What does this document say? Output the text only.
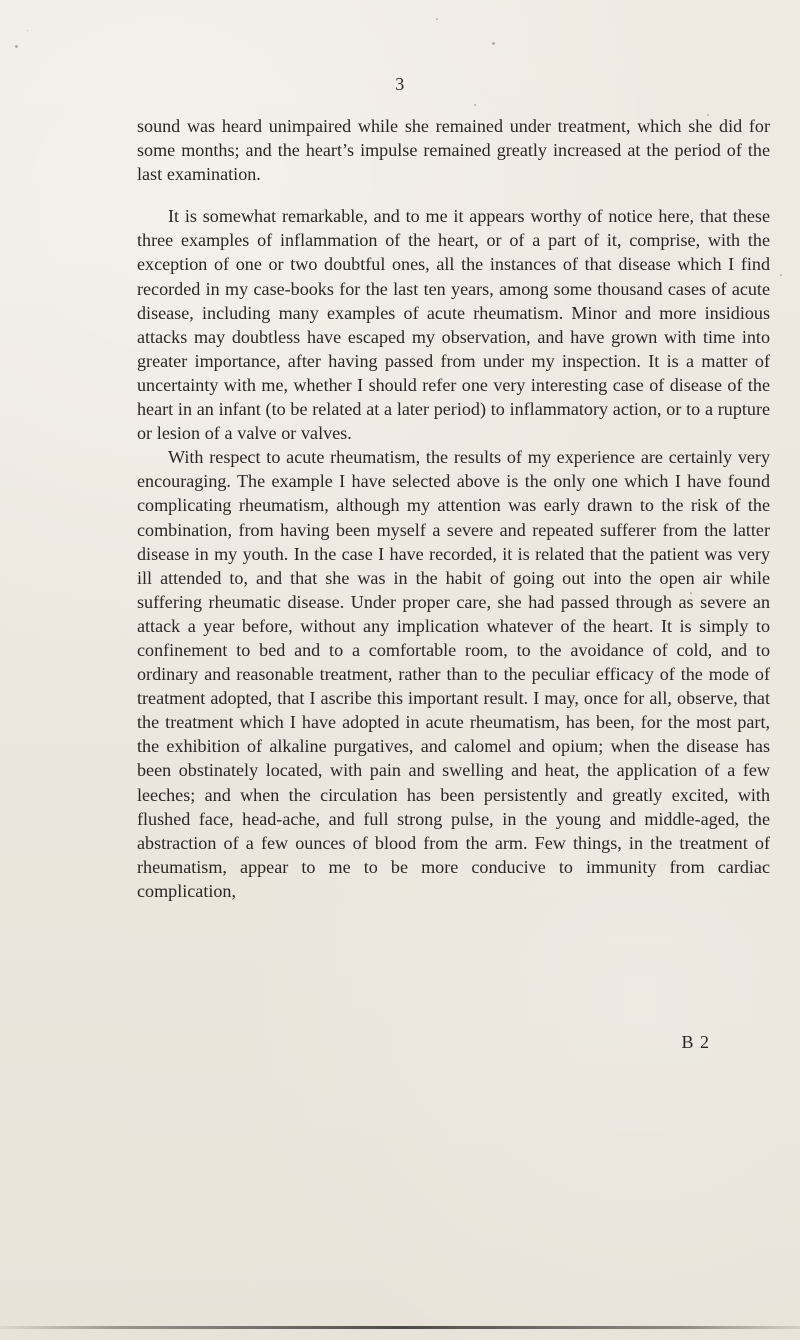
3

sound was heard unimpaired while she remained under treatment, which she did for some months; and the heart’s impulse remained greatly increased at the period of the last examination.

It is somewhat remarkable, and to me it appears worthy of notice here, that these three examples of inflammation of the heart, or of a part of it, comprise, with the exception of one or two doubtful ones, all the instances of that disease which I find recorded in my case-books for the last ten years, among some thousand cases of acute disease, including many examples of acute rheumatism. Minor and more insidious attacks may doubtless have escaped my observation, and have grown with time into greater importance, after having passed from under my inspection. It is a matter of uncertainty with me, whether I should refer one very interesting case of disease of the heart in an infant (to be related at a later period) to inflammatory action, or to a rupture or lesion of a valve or valves.

With respect to acute rheumatism, the results of my experience are certainly very encouraging. The example I have selected above is the only one which I have found complicating rheumatism, although my attention was early drawn to the risk of the combination, from having been myself a severe and repeated sufferer from the latter disease in my youth. In the case I have recorded, it is related that the patient was very ill attended to, and that she was in the habit of going out into the open air while suffering rheumatic disease. Under proper care, she had passed through as severe an attack a year before, without any implication whatever of the heart. It is simply to confinement to bed and to a comfortable room, to the avoidance of cold, and to ordinary and reasonable treatment, rather than to the peculiar efficacy of the mode of treatment adopted, that I ascribe this important result. I may, once for all, observe, that the treatment which I have adopted in acute rheumatism, has been, for the most part, the exhibition of alkaline purgatives, and calomel and opium; when the disease has been obstinately located, with pain and swelling and heat, the application of a few leeches; and when the circulation has been persistently and greatly excited, with flushed face, head-ache, and full strong pulse, in the young and middle-aged, the abstraction of a few ounces of blood from the arm. Few things, in the treatment of rheumatism, appear to me to be more conducive to immunity from cardiac complication,

B 2
